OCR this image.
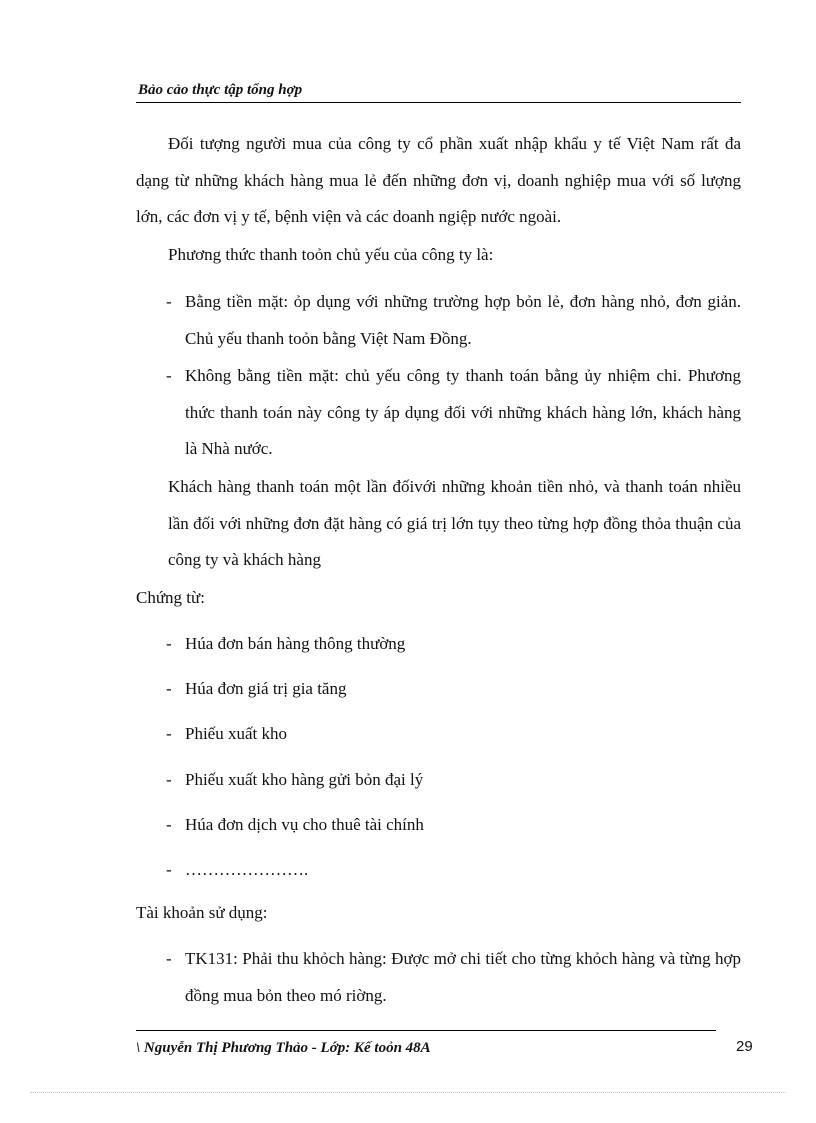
Bảo cảo thực tập tổng hợp
Đối tượng người mua của công ty cổ phần xuất nhập khẩu y tế Việt Nam rất đa dạng từ những khách hàng mua lẻ đến những đơn vị, doanh nghiệp mua với số lượng lớn, các đơn vị y tế, bệnh viện và các doanh ngiệp nước ngoài.
Phương thức thanh toỏn chủ yếu của công ty là:
- Bằng tiền mặt: ỏp dụng với những trường hợp bỏn lẻ, đơn hàng nhỏ, đơn giản. Chủ yếu thanh toỏn bằng Việt Nam Đồng.
- Không bằng tiền mặt: chủ yếu công ty thanh toán bằng ủy nhiệm chi. Phương thức thanh toán này công ty áp dụng đối với những khách hàng lớn, khách hàng là Nhà nước.
Khách hàng thanh toán một lần đốivới những khoản tiền nhỏ, và thanh toán nhiều lần đối với những đơn đặt hàng có giá trị lớn tụy theo từng hợp đồng thỏa thuận của công ty và khách hàng
Chứng từ:
- Húa đơn bán hàng thông thường
- Húa đơn giá trị gia tăng
- Phiếu xuất kho
- Phiếu xuất kho hàng gửi bỏn đại lý
- Húa đơn dịch vụ cho thuê tài chính
- ………………….
Tài khoản sử dụng:
- TK131: Phải thu khỏch hàng: Được mở chi tiết cho từng khỏch hàng và từng hợp đồng mua bỏn theo mó riờng.
\ Nguyễn Thị Phương Thảo - Lớp: Kế toỏn 48A	29
